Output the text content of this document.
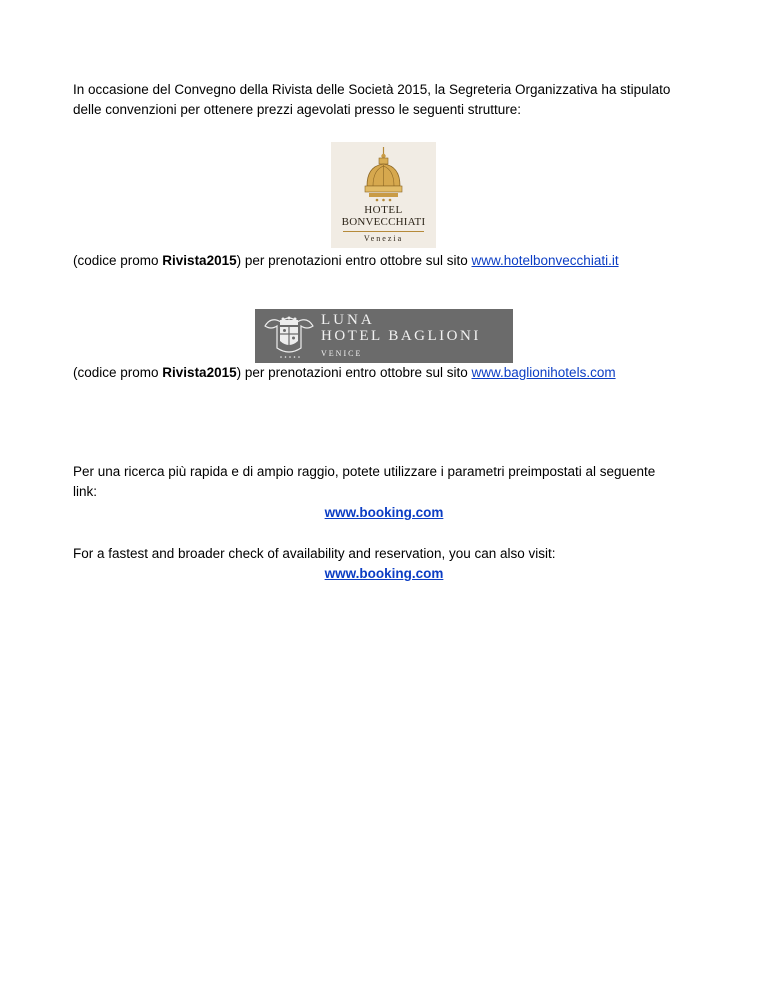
In occasione del Convegno della Rivista delle Società 2015, la Segreteria Organizzativa ha stipulato
delle convenzioni per ottenere prezzi agevolati presso le seguenti strutture:
HOTEL
BONVECCHIATI
Venezia
(codice promo Rivista2015) per prenotazioni entro ottobre sul sito www.hotelbonvecchiati.it
LUNA
HOTEL BAGLIONI
VENICE
(codice promo Rivista2015) per prenotazioni entro ottobre sul sito www.baglionihotels.com
Per una ricerca più rapida e di ampio raggio, potete utilizzare i parametri preimpostati al seguente
link:
www.booking.com
For a fastest and broader check of availability and reservation, you can also visit:
www.booking.com
